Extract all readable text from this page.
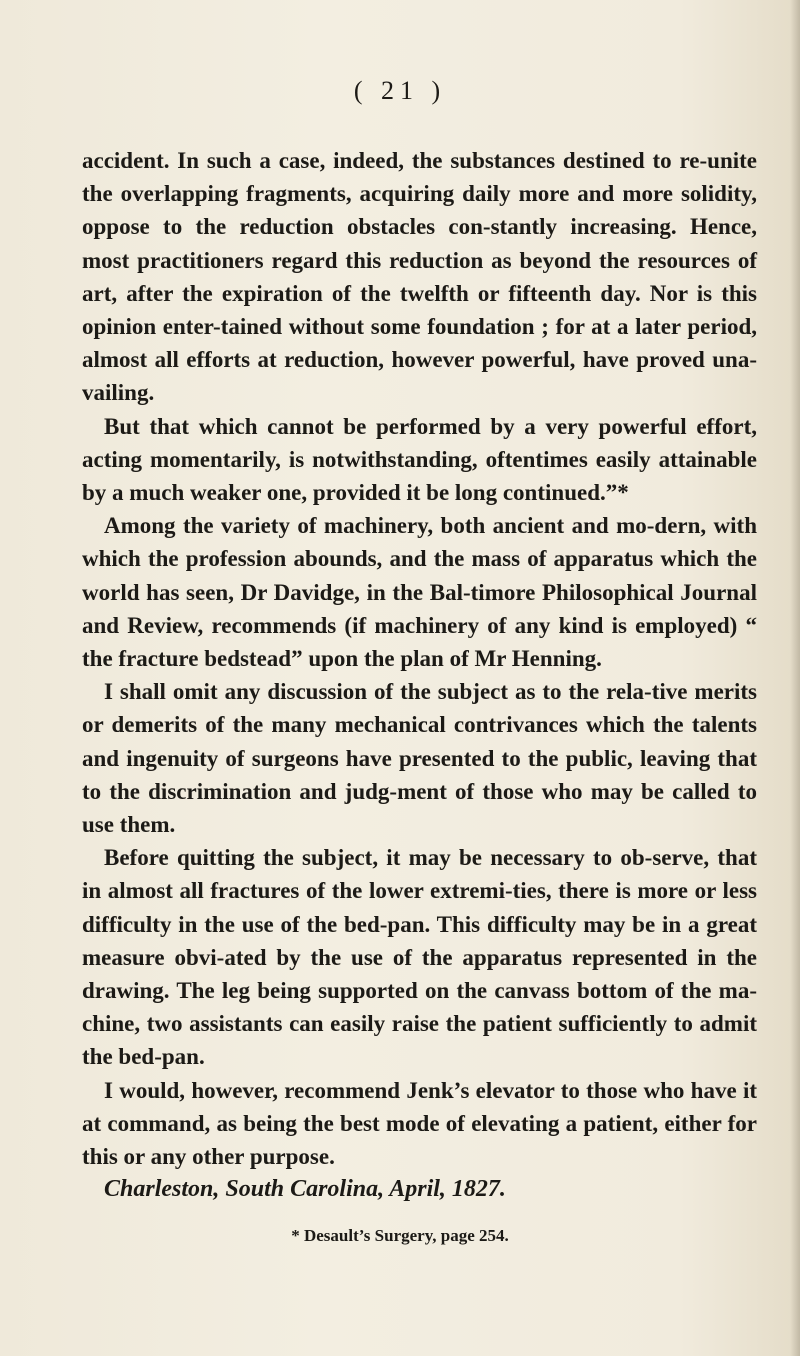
( 21 )

accident. In such a case, indeed, the substances destined to re-unite the overlapping fragments, acquiring daily more and more solidity, oppose to the reduction obstacles con-stantly increasing. Hence, most practitioners regard this reduction as beyond the resources of art, after the expiration of the twelfth or fifteenth day. Nor is this opinion enter-tained without some foundation ; for at a later period, almost all efforts at reduction, however powerful, have proved una-vailing.

But that which cannot be performed by a very powerful effort, acting momentarily, is notwithstanding, oftentimes easily attainable by a much weaker one, provided it be long continued.”*

Among the variety of machinery, both ancient and mo-dern, with which the profession abounds, and the mass of apparatus which the world has seen, Dr Davidge, in the Bal-timore Philosophical Journal and Review, recommends (if machinery of any kind is employed) “ the fracture bedstead” upon the plan of Mr Henning.

I shall omit any discussion of the subject as to the rela-tive merits or demerits of the many mechanical contrivances which the talents and ingenuity of surgeons have presented to the public, leaving that to the discrimination and judg-ment of those who may be called to use them.

Before quitting the subject, it may be necessary to ob-serve, that in almost all fractures of the lower extremi-ties, there is more or less difficulty in the use of the bed-pan. This difficulty may be in a great measure obvi-ated by the use of the apparatus represented in the drawing. The leg being supported on the canvass bottom of the ma-chine, two assistants can easily raise the patient sufficiently to admit the bed-pan.

I would, however, recommend Jenk’s elevator to those who have it at command, as being the best mode of elevating a patient, either for this or any other purpose.

Charleston, South Carolina, April, 1827.

* Desault’s Surgery, page 254.
